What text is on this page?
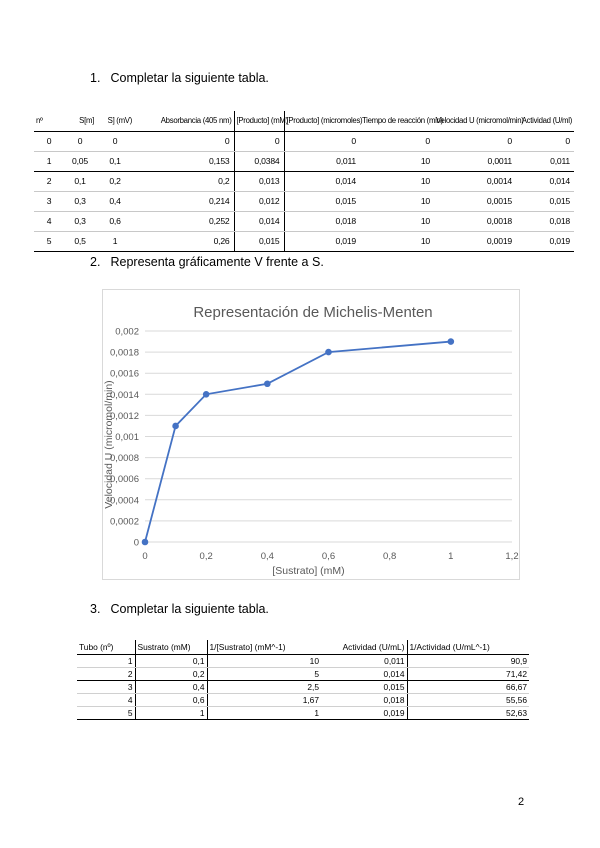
1. Completar la siguiente tabla.
2. Representa gráficamente V frente a S.
3. Completar la siguiente tabla.
nº	S[m]	S] (mV)	Absorbancia (405 nm)	[Producto] (mM)	[Producto] (micromoles)	Tiempo de reacción (min)	Velocidad U (micromol/min)	Actividad (U/ml)
0	0	0	0	0	0	0	0	0
1	0,05	0,1	0,153	0,0384	0,011	10	0,0011	0,011
2	0,1	0,2	0,2	0,013	0,014	10	0,0014	0,014
3	0,3	0,4	0,214	0,012	0,015	10	0,0015	0,015
4	0,3	0,6	0,252	0,014	0,018	10	0,0018	0,018
5	0,5	1	0,26	0,015	0,019	10	0,0019	0,019
Representación de Michelis-Menten
0
0,0002
0,0004
0,0006
0,0008
0,001
0,0012
0,0014
0,0016
0,0018
0,002
0	0,2	0,4	0,6	0,8	1	1,2
[Sustrato] (mM)
Velocidad U (micromol/min)
Tubo (nº)	Sustrato (mM)	1/[Sustrato] (mM^-1)	Actividad (U/mL)	1/Actividad (U/mL^-1)
1	0,1	10	0,011	90,9
2	0,2	5	0,014	71,42
3	0,4	2,5	0,015	66,67
4	0,6	1,67	0,018	55,56
5	1	1	0,019	52,63
2
